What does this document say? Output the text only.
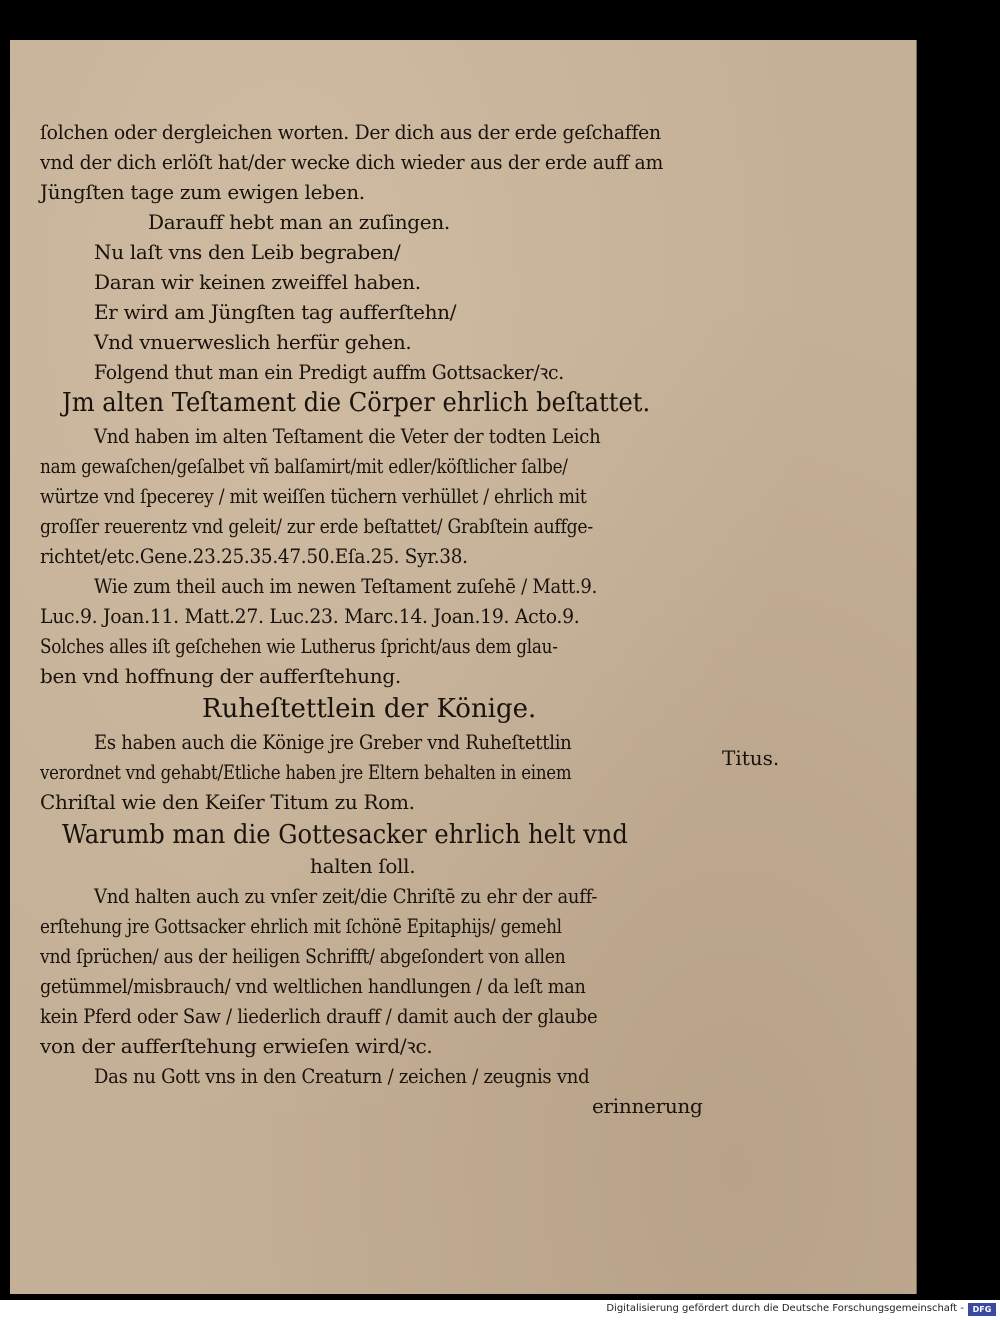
ſolchen oder dergleichen worten. Der dich aus der erde geſchaffen
vnd der dich erlöſt hat/der wecke dich wieder aus der erde auff am
Jüngſten tage zum ewigen leben.
Darauff hebt man an zuſingen.
Nu laſt vns den Leib begraben/
Daran wir keinen zweiffel haben.
Er wird am Jüngſten tag aufferſtehn/
Vnd vnuerweslich herfür gehen.
Folgend thut man ein Predigt auffm Gottsacker/ꝛc.
Jm alten Teſtament die Cörper ehrlich beſtattet.
Vnd haben im alten Teſtament die Veter der todten Leich
nam gewaſchen/geſalbet vñ balſamirt/mit edler/köſtlicher ſalbe/
würtze vnd ſpecerey / mit weiſſen tüchern verhüllet / ehrlich mit
groſſer reuerentz vnd geleit/ zur erde beſtattet/ Grabſtein auffge-
richtet/etc.Gene.23.25.35.47.50.Eſa.25. Syr.38.
Wie zum theil auch im newen Teſtament zuſehē / Matt.9.
Luc.9. Joan.11. Matt.27. Luc.23. Marc.14. Joan.19. Acto.9.
Solches alles iſt geſchehen wie Lutherus ſpricht/aus dem glau-
ben vnd hoffnung der aufferſtehung.
Ruheſtettlein der Könige.
Es haben auch die Könige jre Greber vnd Ruheſtettlin
verordnet vnd gehabt/Etliche haben jre Eltern behalten in einem
Chriſtal wie den Keiſer Titum zu Rom.
Warumb man die Gottesacker ehrlich helt vnd
halten ſoll.
Vnd halten auch zu vnſer zeit/die Chriſtē zu ehr der auff-
erſtehung jre Gottsacker ehrlich mit ſchönē Epitaphijs/ gemehl
vnd ſprüchen/ aus der heiligen Schrifft/ abgeſondert von allen
getümmel/misbrauch/ vnd weltlichen handlungen / da leſt man
kein Pferd oder Saw / liederlich drauff / damit auch der glaube
von der aufferſtehung erwieſen wird/ꝛc.
Das nu Gott vns in den Creaturn / zeichen / zeugnis vnd
erinnerung
Titus.
Digitalisierung gefördert durch die Deutsche Forschungsgemeinschaft -	DFG
